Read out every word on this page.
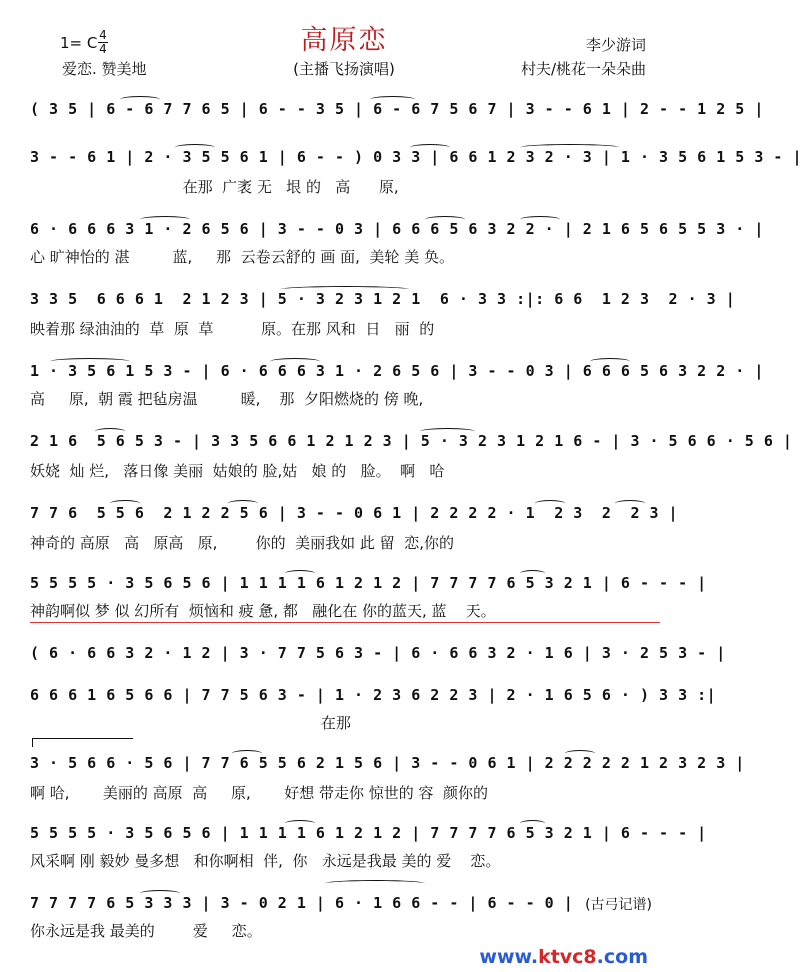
高原恋
1= C 4
4	李少游词
爱恋. 赞美地	(主播飞扬演唱)	村夫/桃花一朵朵曲
( 3 5 | 6 - 6 7 7 6 5 | 6 - - 3 5 | 6 - 6 7 5 6 7 | 3 - - 6 1 | 2 - - 1 2 5 |
3 - - 6 1 | 2 · 3 5 5 6 1 | 6 - - ) 0 3 3 | 6 6 1 2 3 2 · 3 | 1 · 3 5 6 1 5 3 - |
在那  广袤 无   垠 的   高      原,
6 · 6 6 6 3 1 · 2 6 5 6 | 3 - - 0 3 | 6 6 6 5 6 3 2 2 · | 2 1 6 5 6 5 5 3 · |
心 旷神怡的 湛         蓝,     那  云卷云舒的 画 面,  美轮 美 奂。
3 3 5  6 6 6 1  2 1 2 3 | 5 · 3 2 3 1 2 1  6 · 3 3 :|: 6 6  1 2 3  2 · 3 |
映着那 绿油油的  草  原  草          原。在那 风和  日   丽  的
1 · 3 5 6 1 5 3 - | 6 · 6 6 6 3 1 · 2 6 5 6 | 3 - - 0 3 | 6 6 6 5 6 3 2 2 · |
高     原,  朝 霞 把毡房温         暖,    那  夕阳燃烧的 傍 晚,
2 1 6  5 6 5 3 - | 3 3 5 6 6 1 2 1 2 3 | 5 · 3 2 3 1 2 1 6 - | 3 · 5 6 6 · 5 6 |
妖娆  灿 烂,   落日像 美丽  姑娘的 脸,姑   娘 的   脸。  啊   哈
7 7 6  5 5 6  2 1 2 2 5 6 | 3 - - 0 6 1 | 2 2 2 2 · 1  2 3  2  2 3 |
神奇的 高原   高   原高   原,        你的  美丽我如 此 留  恋,你的
5 5 5 5 · 3 5 6 5 6 | 1 1 1 1 6 1 2 1 2 | 7 7 7 7 6 5 3 2 1 | 6 - - - |
神韵啊似 梦 似 幻所有  烦恼和 疲 惫, 都   融化在 你的蓝天, 蓝    天。
( 6 · 6 6 3 2 · 1 2 | 3 · 7 7 5 6 3 - | 6 · 6 6 3 2 · 1 6 | 3 · 2 5 3 - |
6 6 6 1 6 5 6 6 | 7 7 5 6 3 - | 1 · 2 3 6 2 2 3 | 2 · 1 6 5 6 · ) 3 3 :|
在那
3 · 5 6 6 · 5 6 | 7 7 6 5 5 6 2 1 5 6 | 3 - - 0 6 1 | 2 2 2 2 2 1 2 3 2 3 |
啊 哈,       美丽的 高原  高     原,       好想 带走你 惊世的 容  颜你的
5 5 5 5 · 3 5 6 5 6 | 1 1 1 1 6 1 2 1 2 | 7 7 7 7 6 5 3 2 1 | 6 - - - |
风采啊 刚 毅妙 曼多想   和你啊相  伴,  你   永远是我最 美的 爱    恋。
7 7 7 7 6 5 3 3 3 | 3 - 0 2 1 | 6 · 1 6 6 - - | 6 - - 0 |
你永远是我 最美的        爱     恋。
(古弓记谱)
www.ktvc8.com
